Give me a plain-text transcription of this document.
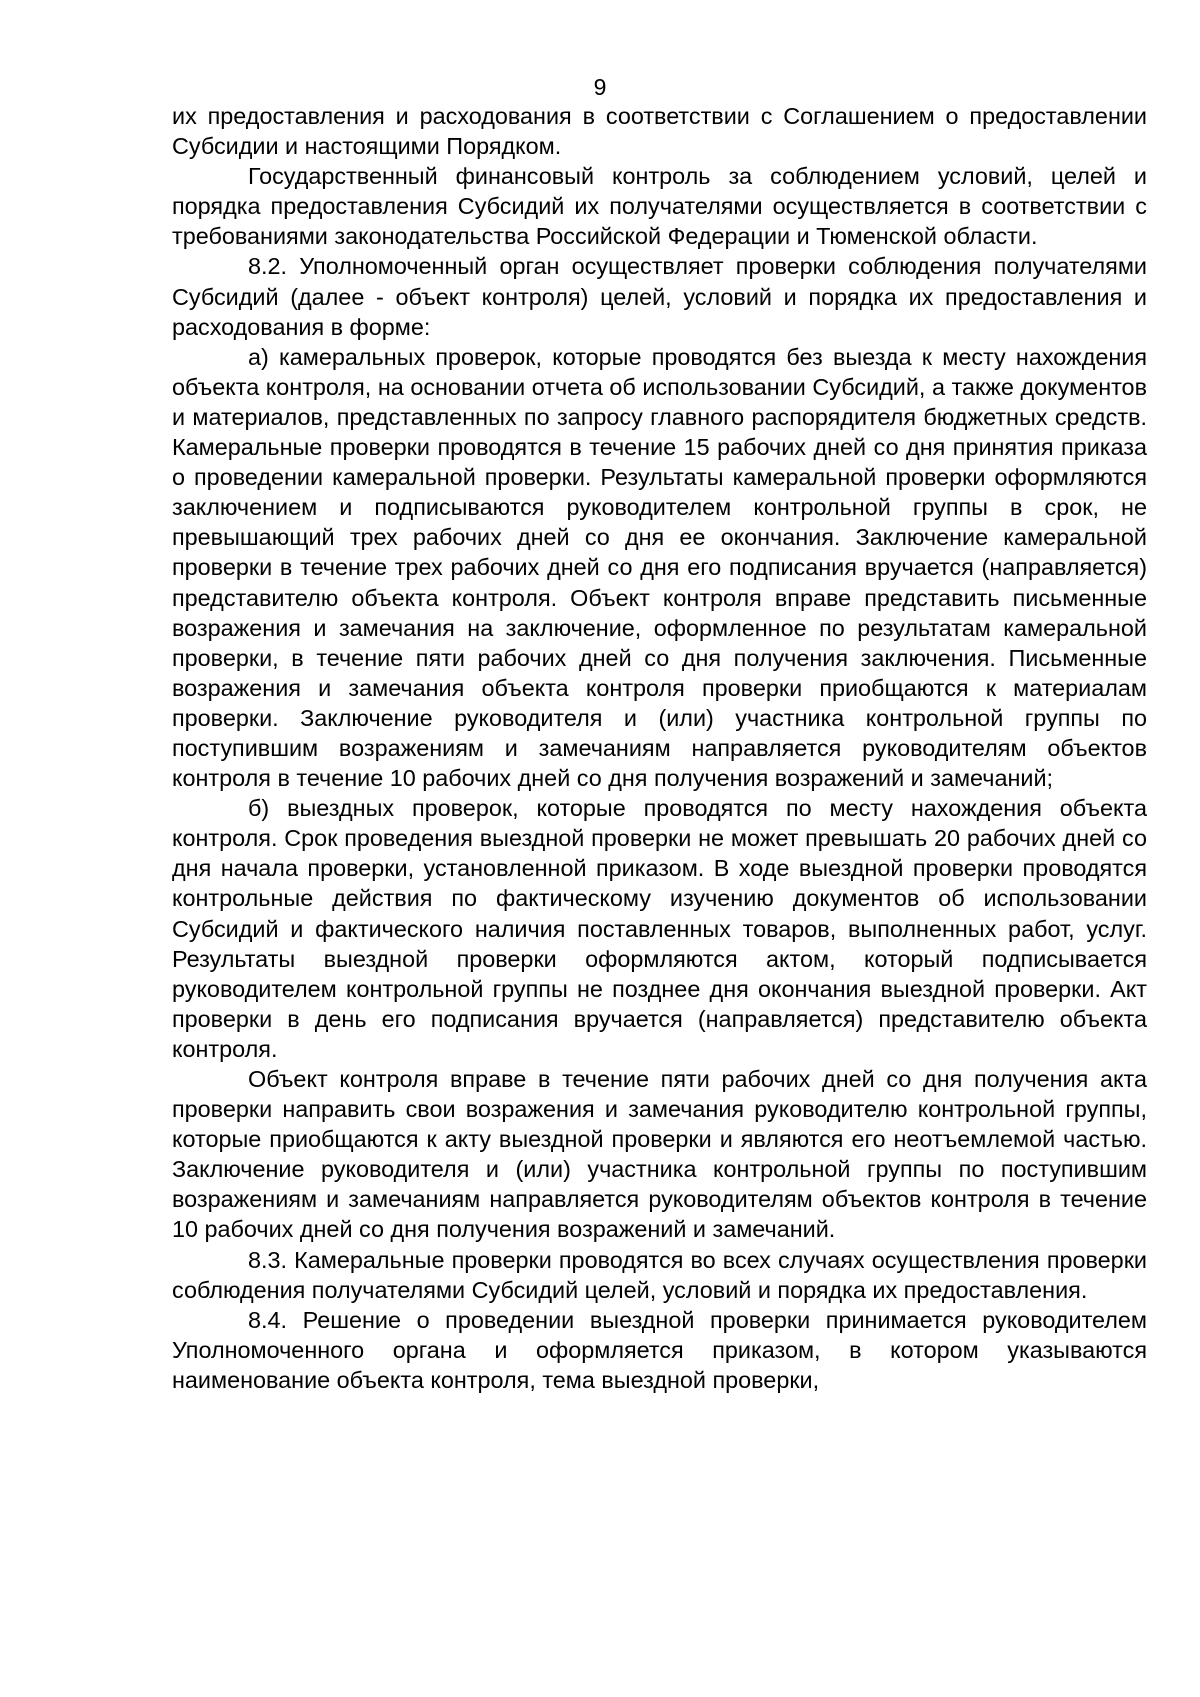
9

их предоставления и расходования в соответствии с Соглашением о предоставлении Субсидии и настоящими Порядком.

Государственный финансовый контроль за соблюдением условий, целей и порядка предоставления Субсидий их получателями осуществляется в соответствии с требованиями законодательства Российской Федерации и Тюменской области.

8.2. Уполномоченный орган осуществляет проверки соблюдения получателями Субсидий (далее - объект контроля) целей, условий и порядка их предоставления и расходования в форме:

а) камеральных проверок, которые проводятся без выезда к месту нахождения объекта контроля, на основании отчета об использовании Субсидий, а также документов и материалов, представленных по запросу главного распорядителя бюджетных средств. Камеральные проверки проводятся в течение 15 рабочих дней со дня принятия приказа о проведении камеральной проверки. Результаты камеральной проверки оформляются заключением и подписываются руководителем контрольной группы в срок, не превышающий трех рабочих дней со дня ее окончания. Заключение камеральной проверки в течение трех рабочих дней со дня его подписания вручается (направляется) представителю объекта контроля. Объект контроля вправе представить письменные возражения и замечания на заключение, оформленное по результатам камеральной проверки, в течение пяти рабочих дней со дня получения заключения. Письменные возражения и замечания объекта контроля проверки приобщаются к материалам проверки. Заключение руководителя и (или) участника контрольной группы по поступившим возражениям и замечаниям направляется руководителям объектов контроля в течение 10 рабочих дней со дня получения возражений и замечаний;

б) выездных проверок, которые проводятся по месту нахождения объекта контроля. Срок проведения выездной проверки не может превышать 20 рабочих дней со дня начала проверки, установленной приказом. В ходе выездной проверки проводятся контрольные действия по фактическому изучению документов об использовании Субсидий и фактического наличия поставленных товаров, выполненных работ, услуг. Результаты выездной проверки оформляются актом, который подписывается руководителем контрольной группы не позднее дня окончания выездной проверки. Акт проверки в день его подписания вручается (направляется) представителю объекта контроля.

Объект контроля вправе в течение пяти рабочих дней со дня получения акта проверки направить свои возражения и замечания руководителю контрольной группы, которые приобщаются к акту выездной проверки и являются его неотъемлемой частью. Заключение руководителя и (или) участника контрольной группы по поступившим возражениям и замечаниям направляется руководителям объектов контроля в течение 10 рабочих дней со дня получения возражений и замечаний.

8.3. Камеральные проверки проводятся во всех случаях осуществления проверки соблюдения получателями Субсидий целей, условий и порядка их предоставления.

8.4. Решение о проведении выездной проверки принимается руководителем Уполномоченного органа и оформляется приказом, в котором указываются наименование объекта контроля, тема выездной проверки,
